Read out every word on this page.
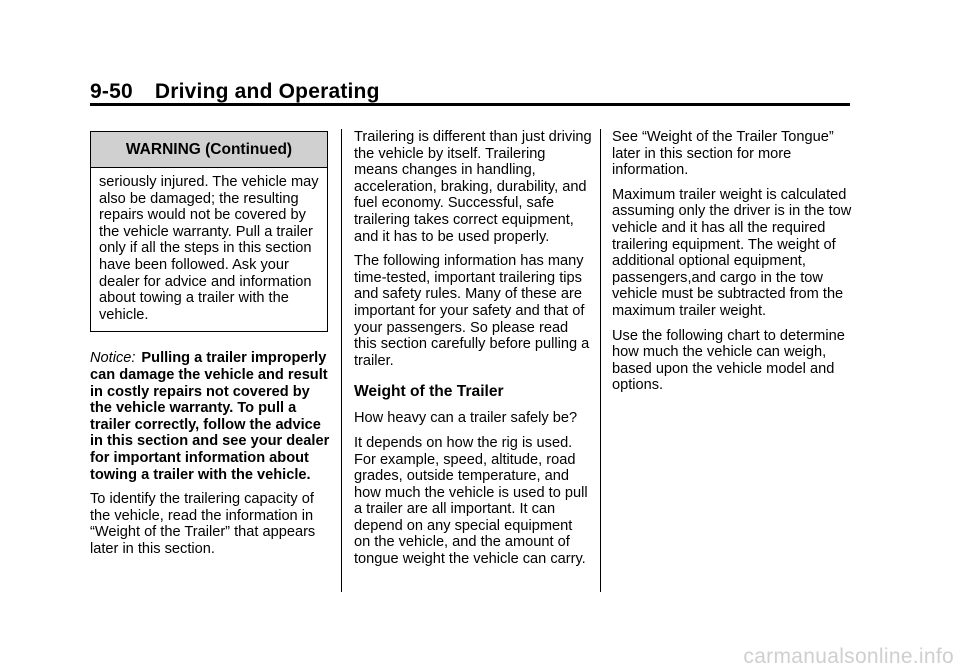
9-50 Driving and Operating
WARNING (Continued)
seriously injured. The vehicle may also be damaged; the resulting repairs would not be covered by the vehicle warranty. Pull a trailer only if all the steps in this section have been followed. Ask your dealer for advice and information about towing a trailer with the vehicle.

Notice: Pulling a trailer improperly can damage the vehicle and result in costly repairs not covered by the vehicle warranty. To pull a trailer correctly, follow the advice in this section and see your dealer for important information about towing a trailer with the vehicle.

To identify the trailering capacity of the vehicle, read the information in “Weight of the Trailer” that appears later in this section.

Trailering is different than just driving the vehicle by itself. Trailering means changes in handling, acceleration, braking, durability, and fuel economy. Successful, safe trailering takes correct equipment, and it has to be used properly.

The following information has many time-tested, important trailering tips and safety rules. Many of these are important for your safety and that of your passengers. So please read this section carefully before pulling a trailer.

Weight of the Trailer

How heavy can a trailer safely be?

It depends on how the rig is used. For example, speed, altitude, road grades, outside temperature, and how much the vehicle is used to pull a trailer are all important. It can depend on any special equipment on the vehicle, and the amount of tongue weight the vehicle can carry.

See “Weight of the Trailer Tongue” later in this section for more information.

Maximum trailer weight is calculated assuming only the driver is in the tow vehicle and it has all the required trailering equipment. The weight of additional optional equipment, passengers,and cargo in the tow vehicle must be subtracted from the maximum trailer weight.

Use the following chart to determine how much the vehicle can weigh, based upon the vehicle model and options.

carmanualsonline.info
